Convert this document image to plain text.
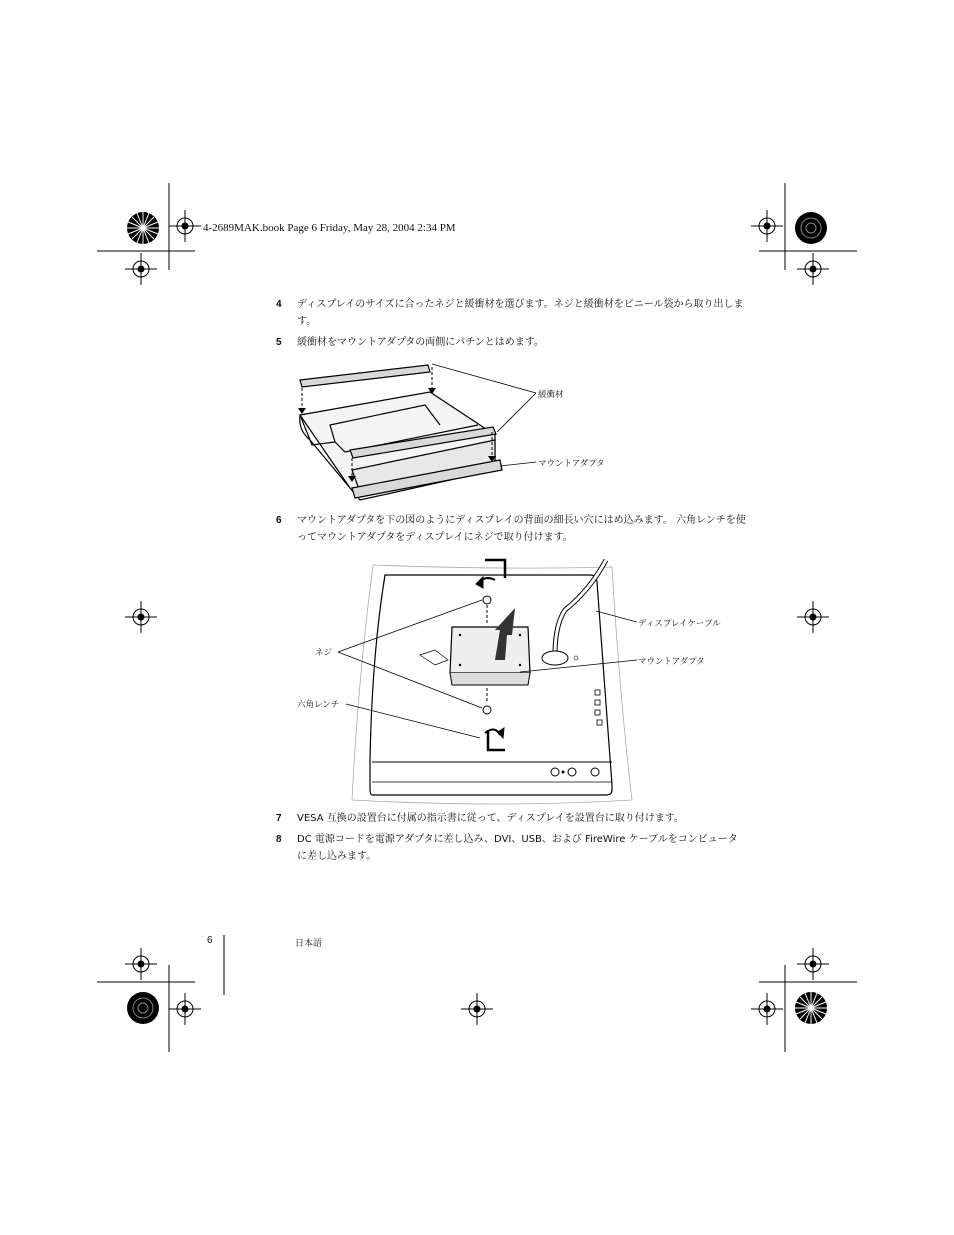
4-2689MAK.book Page 6 Friday, May 28, 2004 2:34 PM
4 ディスプレイのサイズに合ったネジと緩衝材を選びます。ネジと緩衝材をビニール袋から取り出します。
5 緩衝材をマウントアダプタの両側にパチンとはめます。
緩衝材
マウントアダプタ
6 マウントアダプタを下の図のようにディスプレイの背面の細長い穴にはめ込みます。 六角レンチを使ってマウントアダプタをディスプレイにネジで取り付けます。
ディスプレイケーブル
ネジ
マウントアダプタ
六角レンチ
7 VESA 互換の設置台に付属の指示書に従って、ディスプレイを設置台に取り付けます。
8 DC 電源コードを電源アダプタに差し込み、DVI、USB、および FireWire ケーブルをコンピュータに差し込みます。
6	日本語
